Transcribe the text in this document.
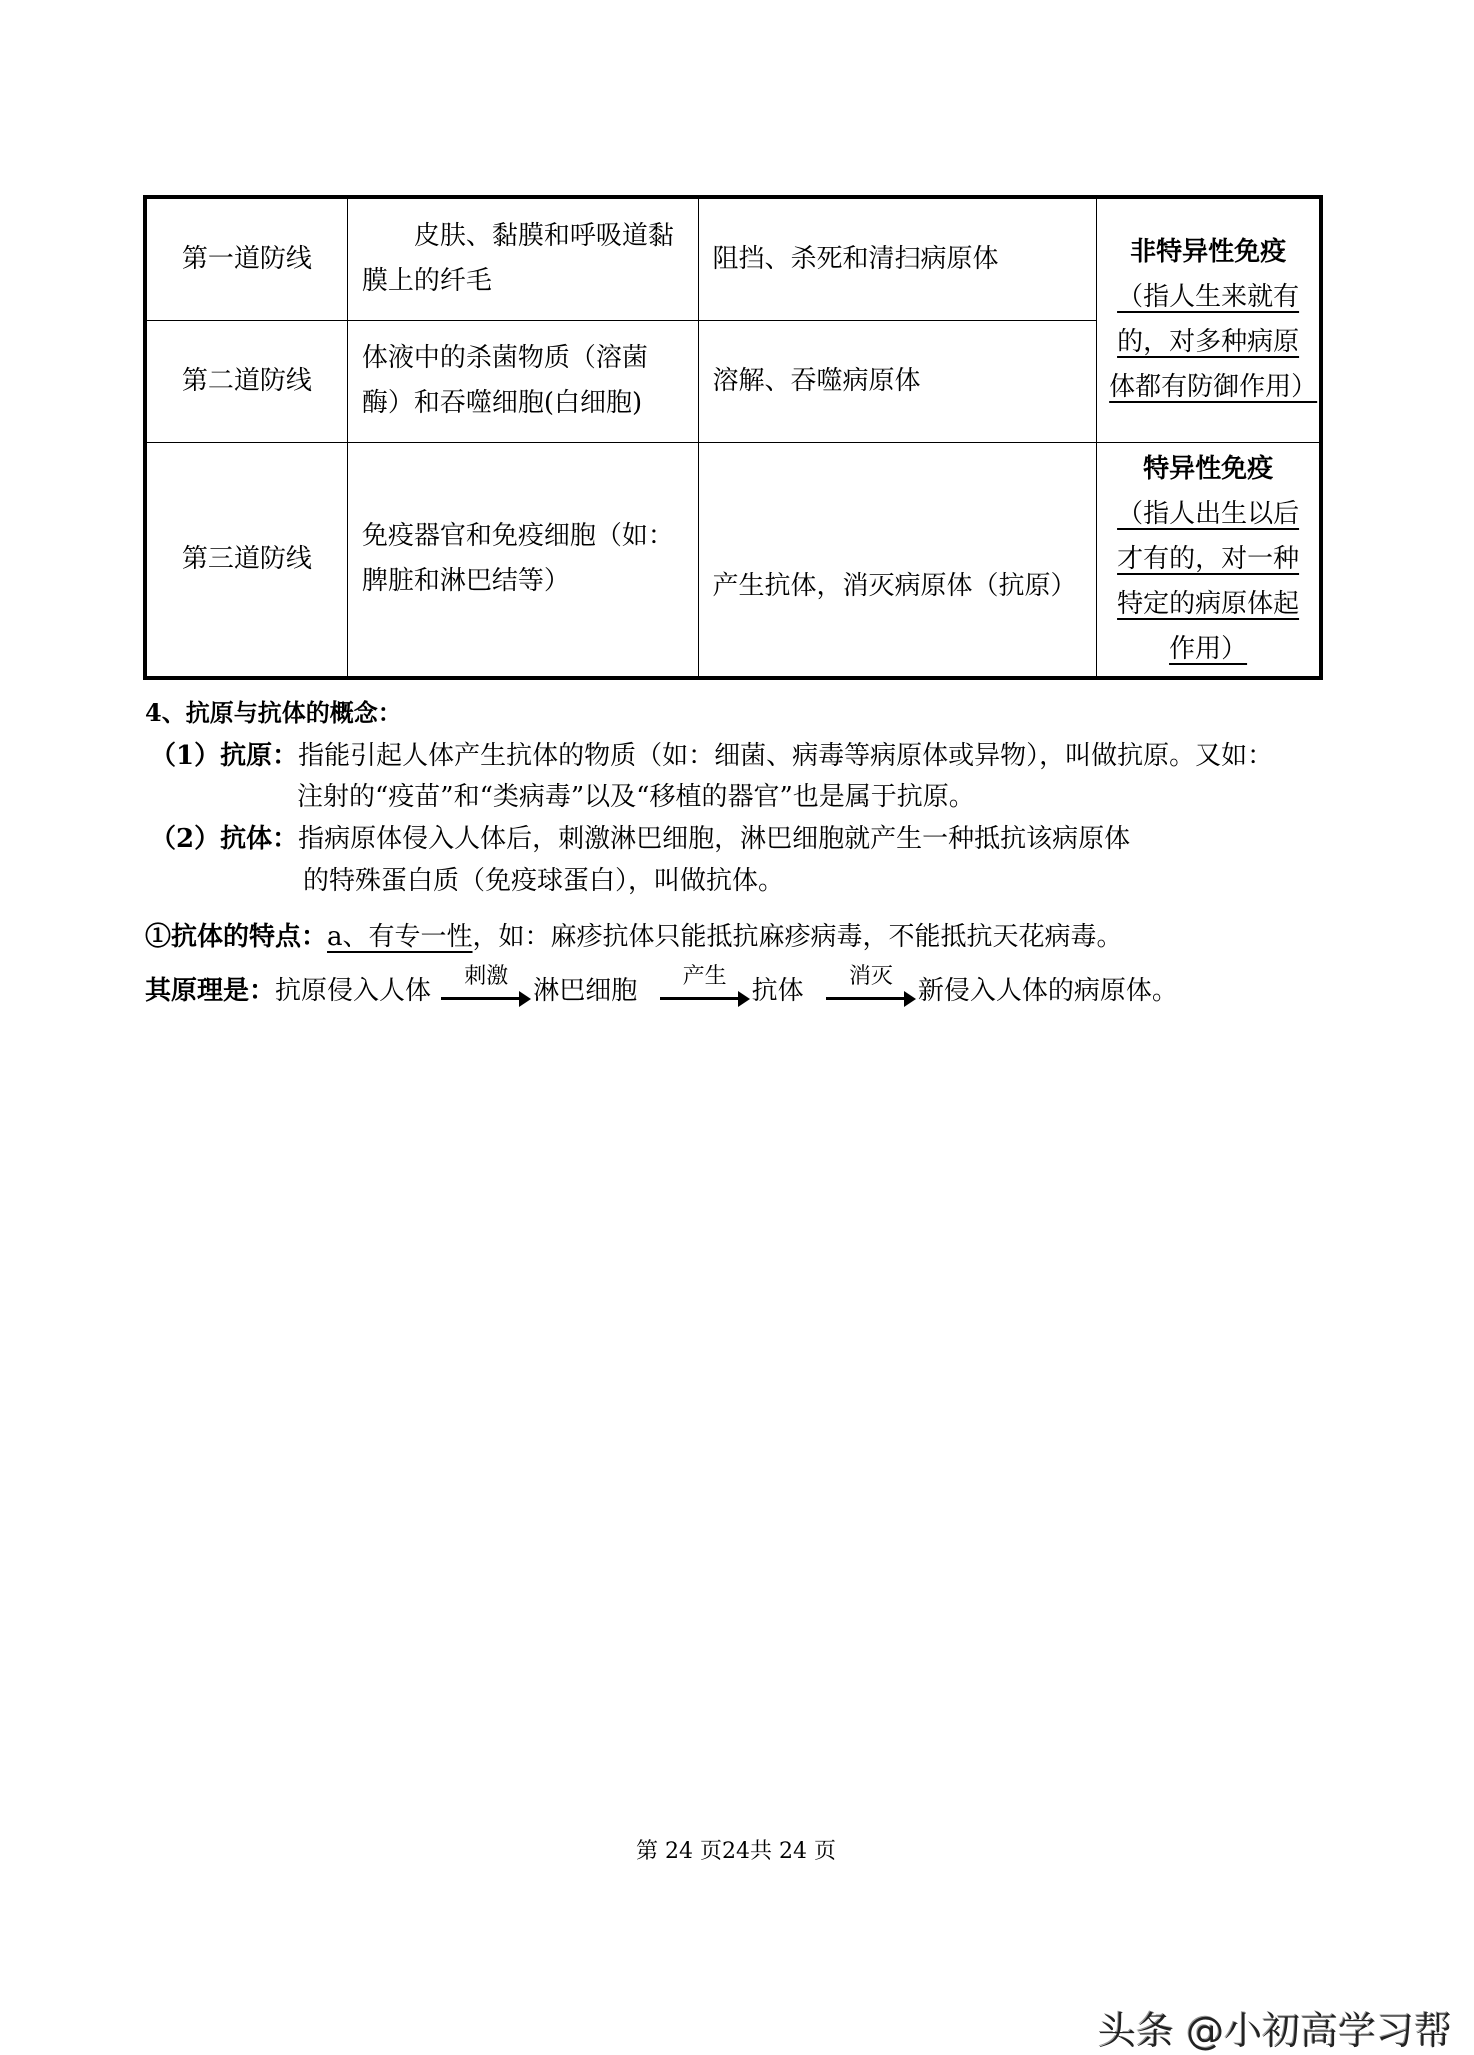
第一道防线	皮肤、黏膜和呼吸道黏膜上的纤毛	阻挡、杀死和清扫病原体	非特异性免疫
（指人生来就有的，对多种病原体都有防御作用）

第二道防线	体液中的杀菌物质（溶菌酶）和吞噬细胞(白细胞)	溶解、吞噬病原体	
第三道防线	免疫器官和免疫细胞（如：脾脏和淋巴结等）	产生抗体，消灭病原体（抗原）	特异性免疫
（指人出生以后才有的，对一种特定的病原体起作用）
4、抗原与抗体的概念：
（1）抗原：指能引起人体产生抗体的物质（如：细菌、病毒等病原体或异物），叫做抗原。又如：
注射的“疫苗”和“类病毒”以及“移植的器官”也是属于抗原。
（2）抗体：指病原体侵入人体后，刺激淋巴细胞，淋巴细胞就产生一种抵抗该病原体
的特殊蛋白质（免疫球蛋白），叫做抗体。
①抗体的特点：a、有专一性，如：麻疹抗体只能抵抗麻疹病毒，不能抵抗天花病毒。
其原理是：抗原侵入人体	刺激 淋巴细胞	产生 抗体	消灭 新侵入人体的病原体。
第 24 页24共 24 页
头条 @小初高学习帮
